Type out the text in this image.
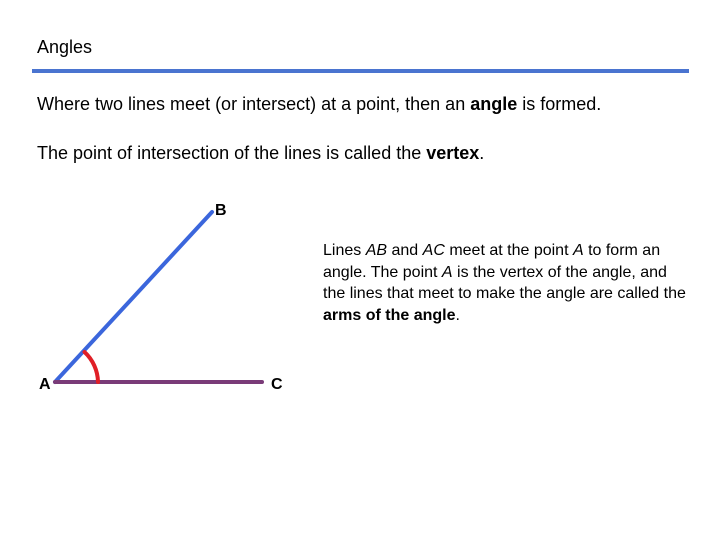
Angles
Where two lines meet (or intersect) at a point, then an angle is formed.
The point of intersection of the lines is called the vertex.
B
A	C
Lines AB and AC meet at the point A to form an angle. The point A is the vertex of the angle, and the lines that meet to make the angle are called the arms of the angle.
